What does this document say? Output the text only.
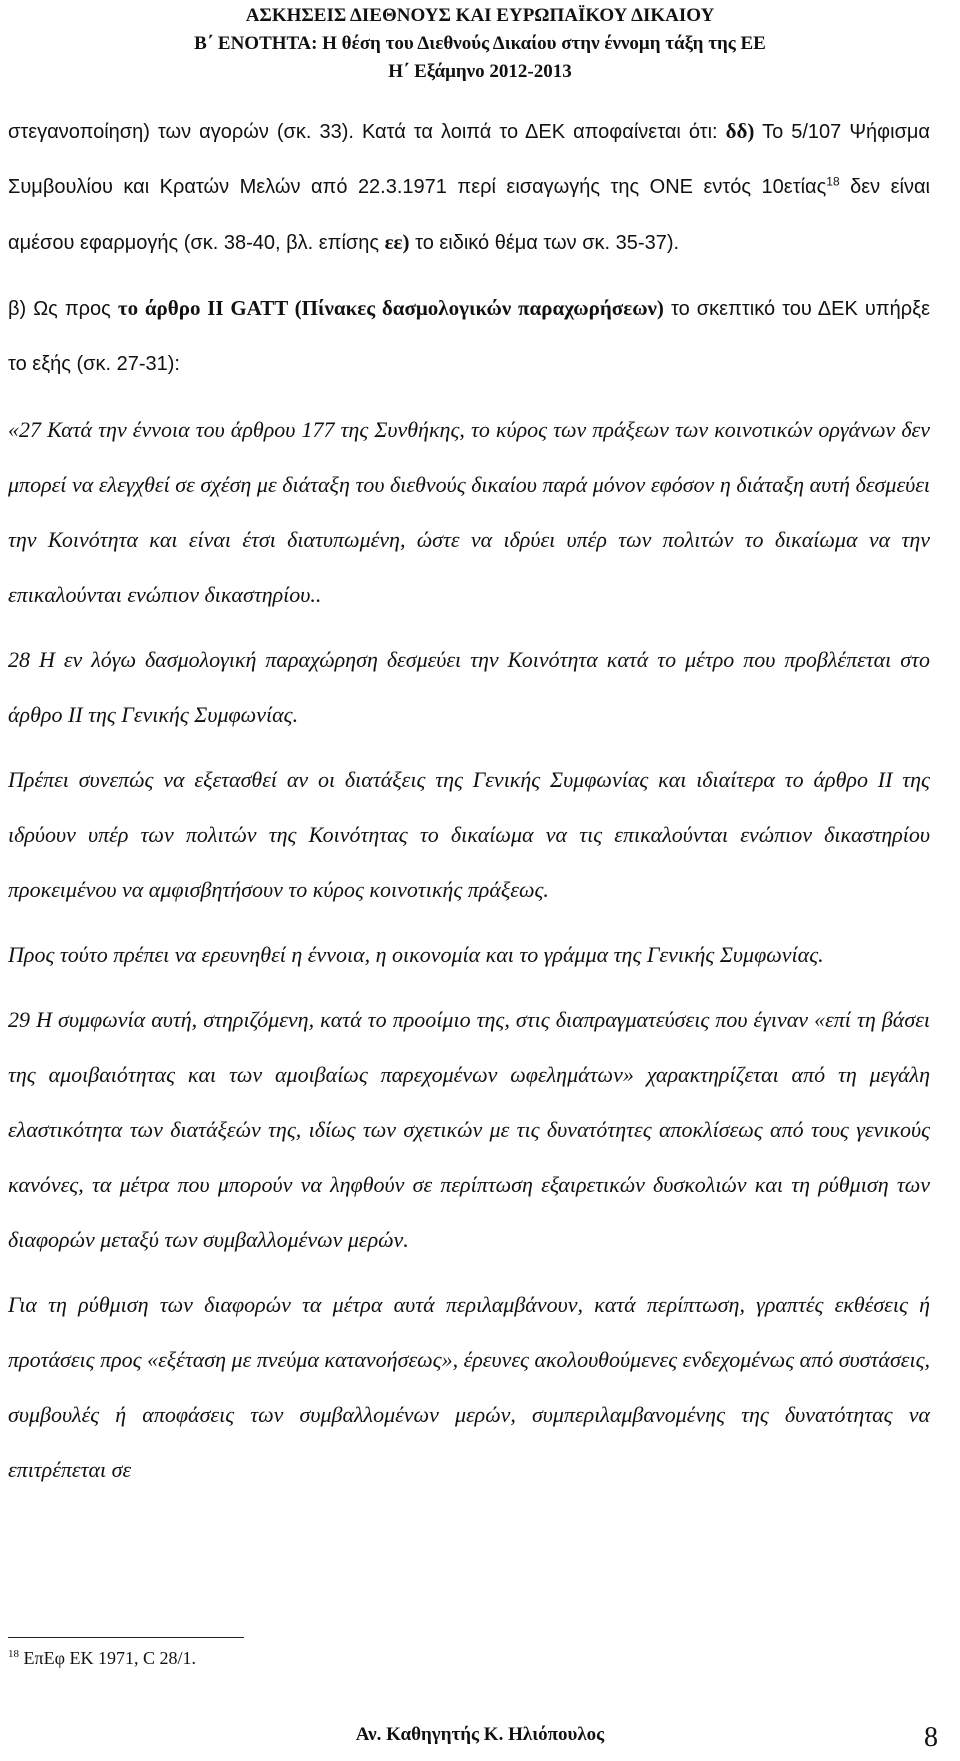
ΑΣΚΗΣΕΙΣ ΔΙΕΘΝΟΥΣ ΚΑΙ ΕΥΡΩΠΑΪΚΟΥ ΔΙΚΑΙΟΥ
Β΄ ΕΝΟΤΗΤΑ: Η θέση του Διεθνούς Δικαίου στην έννομη τάξη της ΕΕ
Η΄ Εξάμηνο 2012-2013

στεγανοποίηση) των αγορών (σκ. 33). Κατά τα λοιπά το ΔΕΚ αποφαίνεται ότι: δδ) Το 5/107 Ψήφισμα Συμβουλίου και Κρατών Μελών από 22.3.1971 περί εισαγωγής της ΟΝΕ εντός 10ετίας$^{18}$ δεν είναι αμέσου εφαρμογής (σκ. 38-40, βλ. επίσης εε) το ειδικό θέμα των σκ. 35-37).

β) Ως προς το άρθρο ΙΙ GATT (Πίνακες δασμολογικών παραχωρήσεων) το σκεπτικό του ΔΕΚ υπήρξε το εξής (σκ. 27-31):

«27 Κατά την έννοια του άρθρου 177 της Συνθήκης, το κύρος των πράξεων των κοινοτικών οργάνων δεν μπορεί να ελεγχθεί σε σχέση με διάταξη του διεθνούς δικαίου παρά μόνον εφόσον η διάταξη αυτή δεσμεύει την Κοινότητα και είναι έτσι διατυπωμένη, ώστε να ιδρύει υπέρ των πολιτών το δικαίωμα να την επικαλούνται ενώπιον δικαστηρίου..

28 Η εν λόγω δασμολογική παραχώρηση δεσμεύει την Κοινότητα κατά το μέτρο που προβλέπεται στο άρθρο ΙΙ της Γενικής Συμφωνίας.

Πρέπει συνεπώς να εξετασθεί αν οι διατάξεις της Γενικής Συμφωνίας και ιδιαίτερα το άρθρο ΙΙ της ιδρύουν υπέρ των πολιτών της Κοινότητας το δικαίωμα να τις επικαλούνται ενώπιον δικαστηρίου προκειμένου να αμφισβητήσουν το κύρος κοινοτικής πράξεως.

Προς τούτο πρέπει να ερευνηθεί η έννοια, η οικονομία και το γράμμα της Γενικής Συμφωνίας.

29 Η συμφωνία αυτή, στηριζόμενη, κατά το προοίμιο της, στις διαπραγματεύσεις που έγιναν «επί τη βάσει της αμοιβαιότητας και των αμοιβαίως παρεχομένων ωφελημάτων» χαρακτηρίζεται από τη μεγάλη ελαστικότητα των διατάξεών της, ιδίως των σχετικών με τις δυνατότητες αποκλίσεως από τους γενικούς κανόνες, τα μέτρα που μπορούν να ληφθούν σε περίπτωση εξαιρετικών δυσκολιών και τη ρύθμιση των διαφορών μεταξύ των συμβαλλομένων μερών.

Για τη ρύθμιση των διαφορών τα μέτρα αυτά περιλαμβάνουν, κατά περίπτωση, γραπτές εκθέσεις ή προτάσεις προς «εξέταση με πνεύμα κατανοήσεως», έρευνες ακολουθούμενες ενδεχομένως από συστάσεις, συμβουλές ή αποφάσεις των συμβαλλομένων μερών, συμπεριλαμβανομένης της δυνατότητας να επιτρέπεται σε

$^{18}$ ΕπΕφ ΕΚ 1971, C 28/1.
Αν. Καθηγητής Κ. Ηλιόπουλος	8
